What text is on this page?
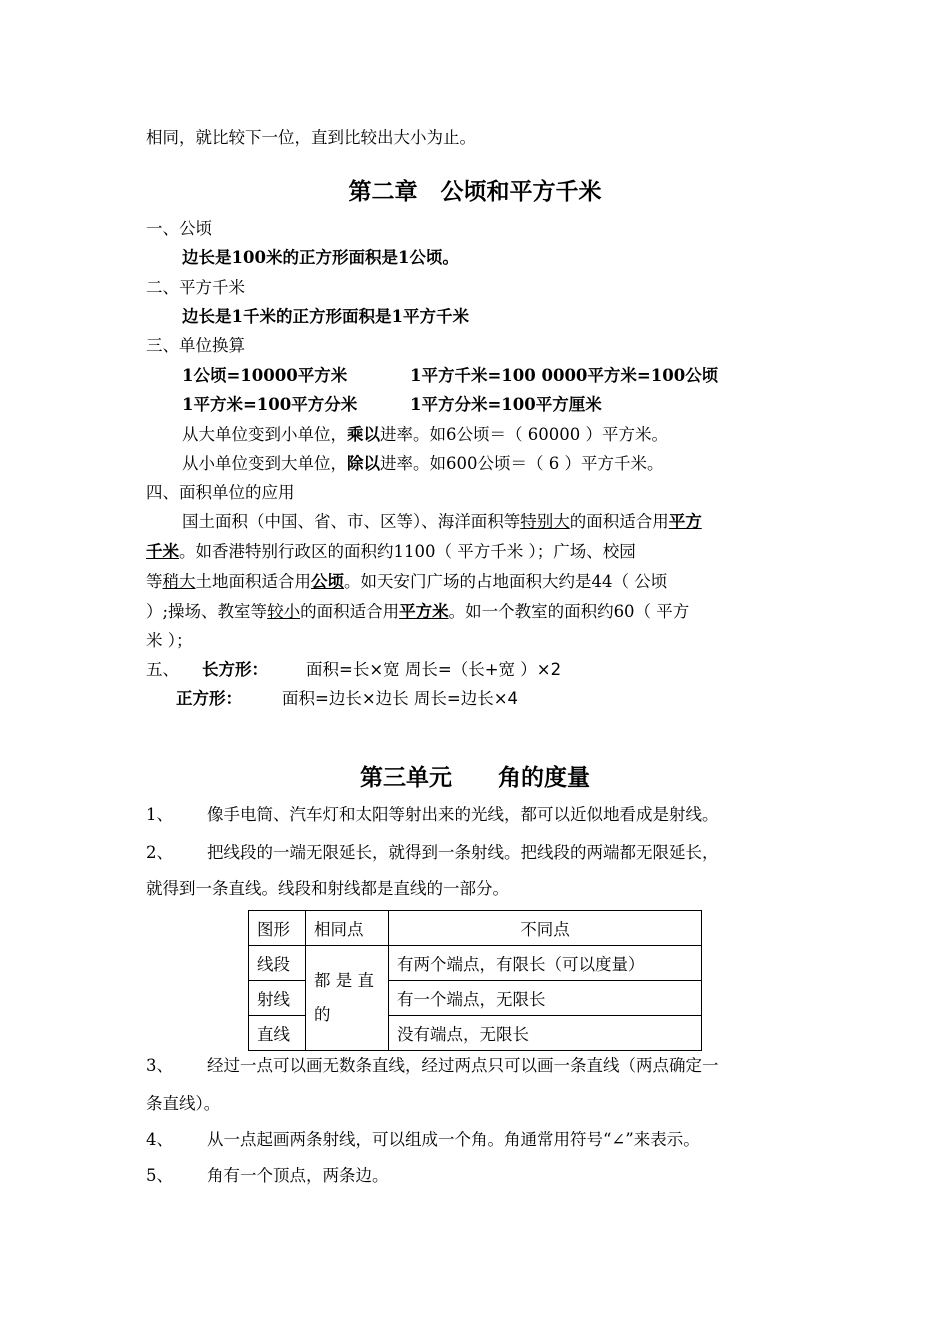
相同，就比较下一位，直到比较出大小为止。
第二章　公顷和平方千米
一、公顷
边长是100米的正方形面积是1公顷。
二、平方千米
边长是1千米的正方形面积是1平方千米
三、单位换算
1公顷=10000平方米	1平方千米=100 0000平方米=100公顷
1平方米=100平方分米	1平方分米=100平方厘米
从大单位变到小单位，乘以进率。如6公顷＝（ 60000 ）平方米。
从小单位变到大单位，除以进率。如600公顷＝（ 6 ）平方千米。
四、面积单位的应用
国土面积（中国、省、市、区等）、海洋面积等特别大的面积适合用平方
千米。如香港特别行政区的面积约1100（ 平方千米 ）；广场、校园
等稍大土地面积适合用公顷。如天安门广场的占地面积大约是44（ 公顷
）;操场、教室等较小的面积适合用平方米。如一个教室的面积约60（ 平方
米 ）；
五、 长方形： 面积=长×宽 周长=（长+宽 ）×2
正方形： 面积=边长×边长 周长=边长×4
第三单元　　角的度量
1、 像手电筒、汽车灯和太阳等射出来的光线，都可以近似地看成是射线。
2、 把线段的一端无限延长，就得到一条射线。把线段的两端都无限延长，
就得到一条直线。线段和射线都是直线的一部分。
图形	相同点	不同点
线段	都 是 直 的	有两个端点，有限长（可以度量）
射线		有一个端点，无限长
直线		没有端点，无限长
3、 经过一点可以画无数条直线，经过两点只可以画一条直线（两点确定一
条直线）。
4、 从一点起画两条射线，可以组成一个角。角通常用符号“∠”来表示。
5、 角有一个顶点，两条边。
